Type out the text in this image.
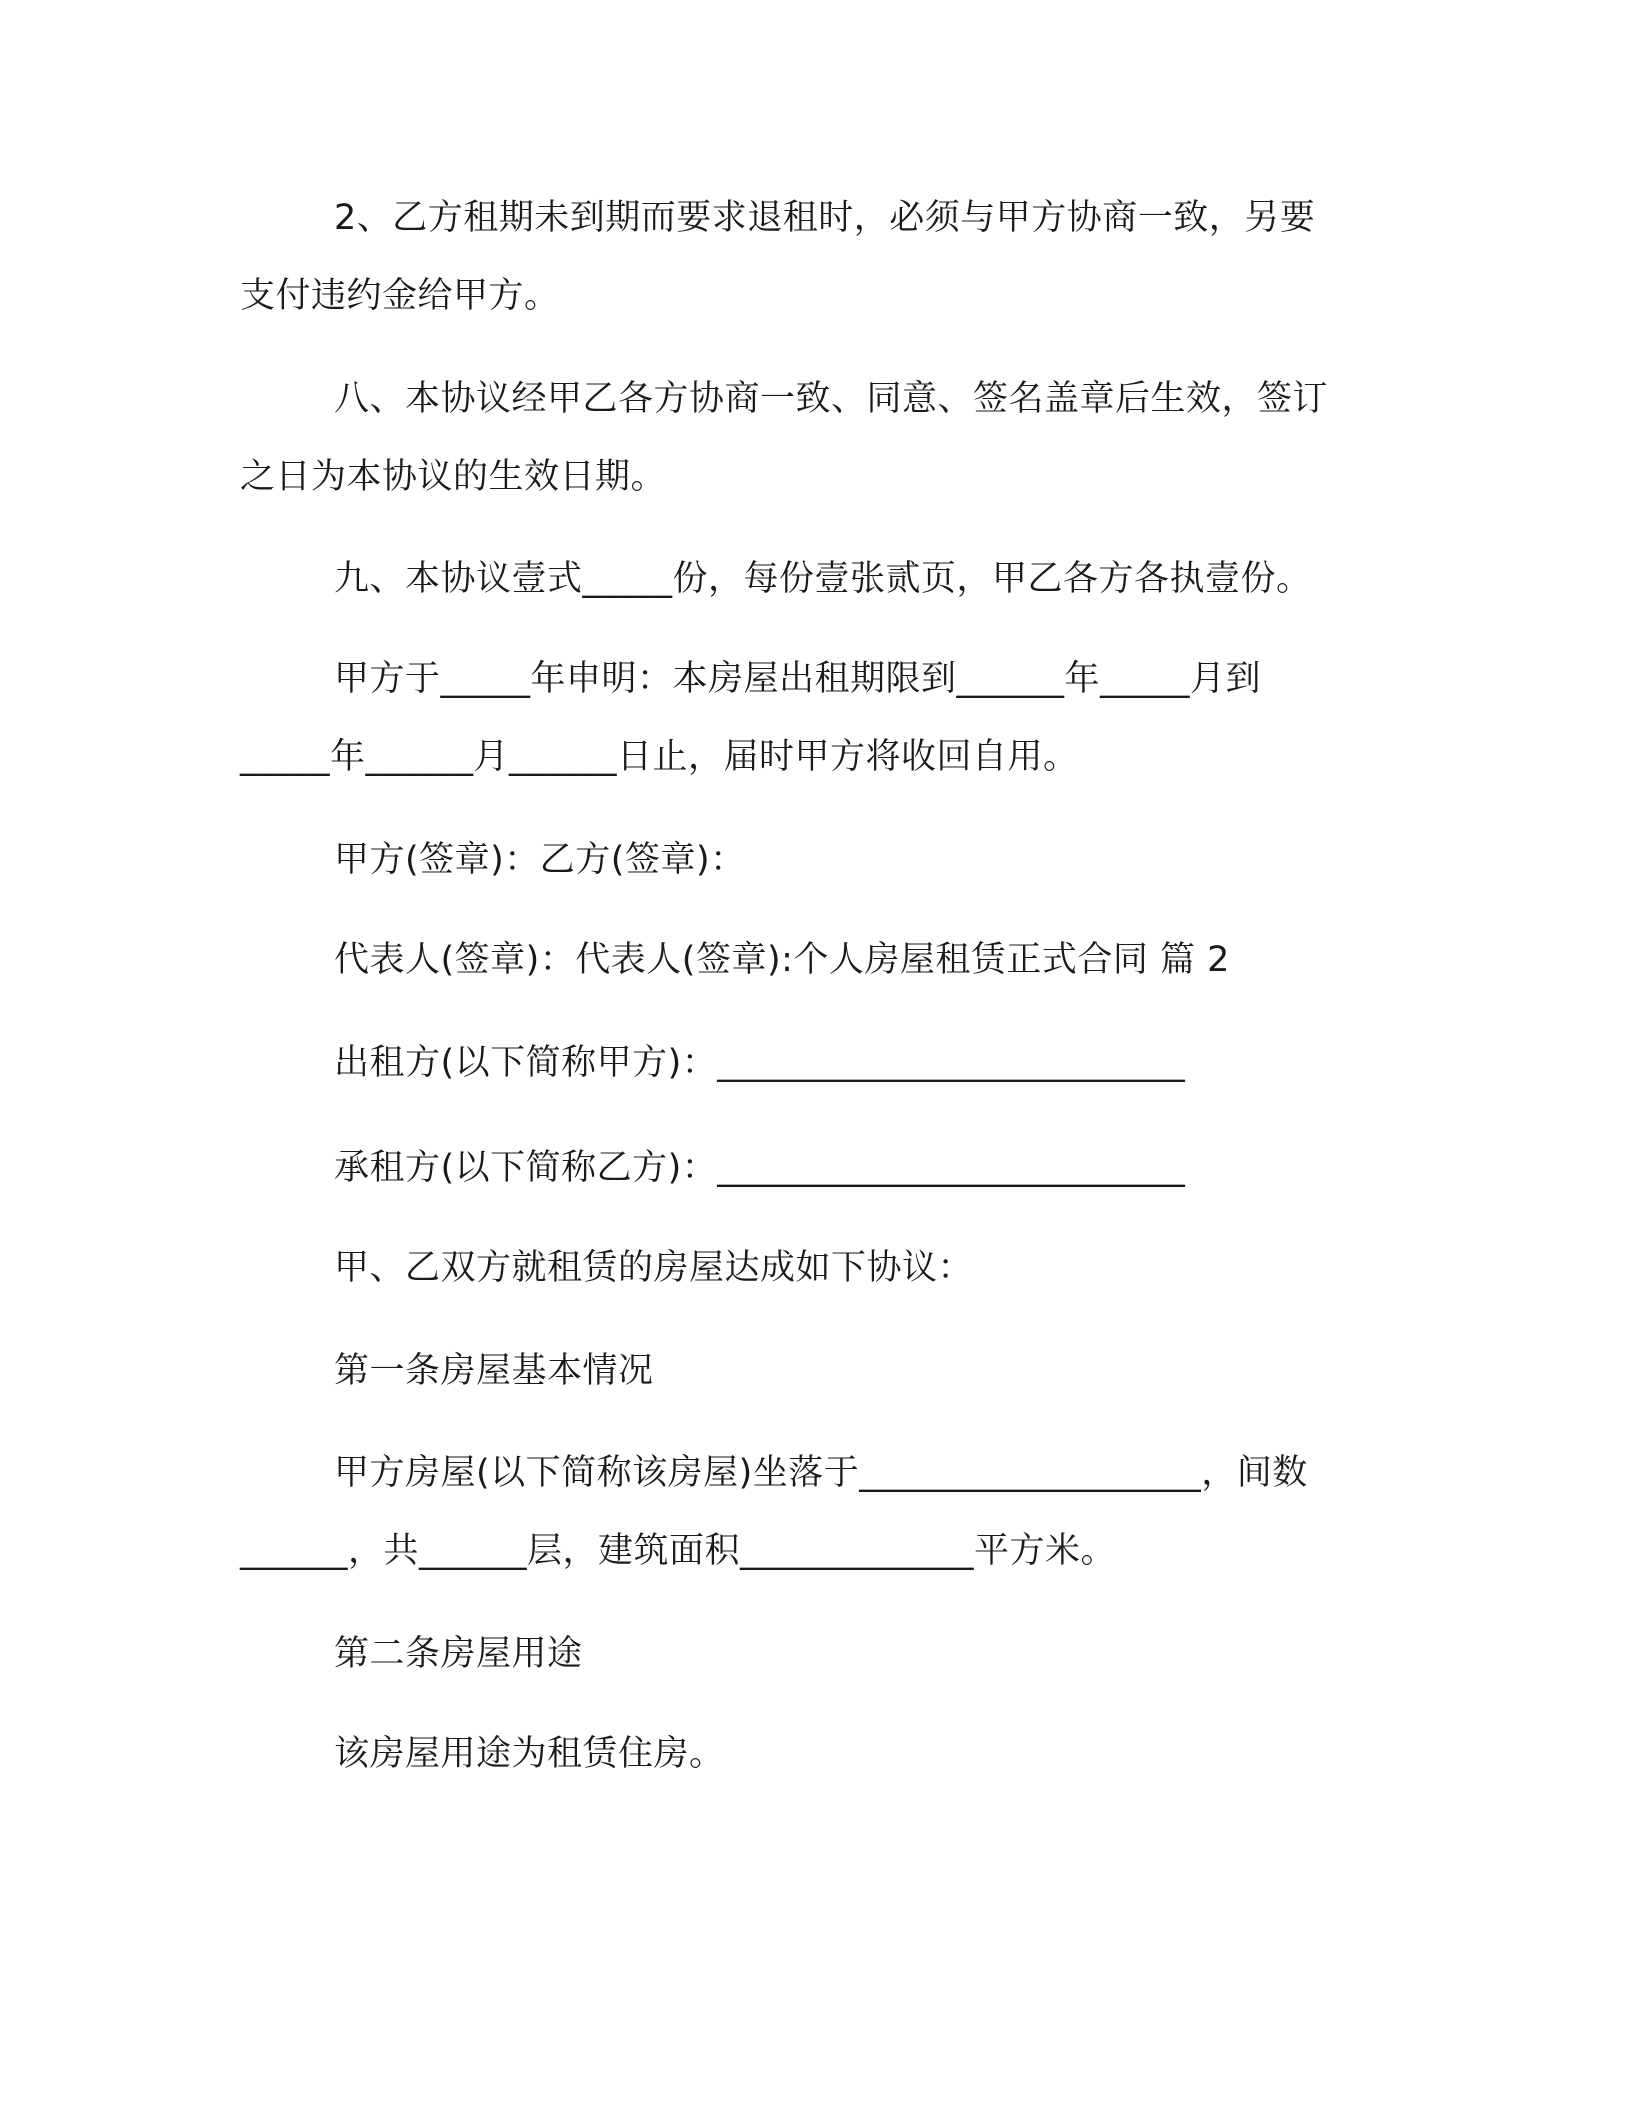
2、乙方租期未到期而要求退租时，必须与甲方协商一致，另要
支付违约金给甲方。
八、本协议经甲乙各方协商一致、同意、签名盖章后生效，签订
之日为本协议的生效日期。
九、本协议壹式_____份，每份壹张贰页，甲乙各方各执壹份。
甲方于_____年申明：本房屋出租期限到______年_____月到
_____年______月______日止，届时甲方将收回自用。
甲方(签章)：乙方(签章)：
代表人(签章)：代表人(签章):个人房屋租赁正式合同 篇 2
出租方(以下简称甲方)：__________________________
承租方(以下简称乙方)：__________________________
甲、乙双方就租赁的房屋达成如下协议：
第一条房屋基本情况
甲方房屋(以下简称该房屋)坐落于___________________，间数
______，共______层，建筑面积_____________平方米。
第二条房屋用途
该房屋用途为租赁住房。
